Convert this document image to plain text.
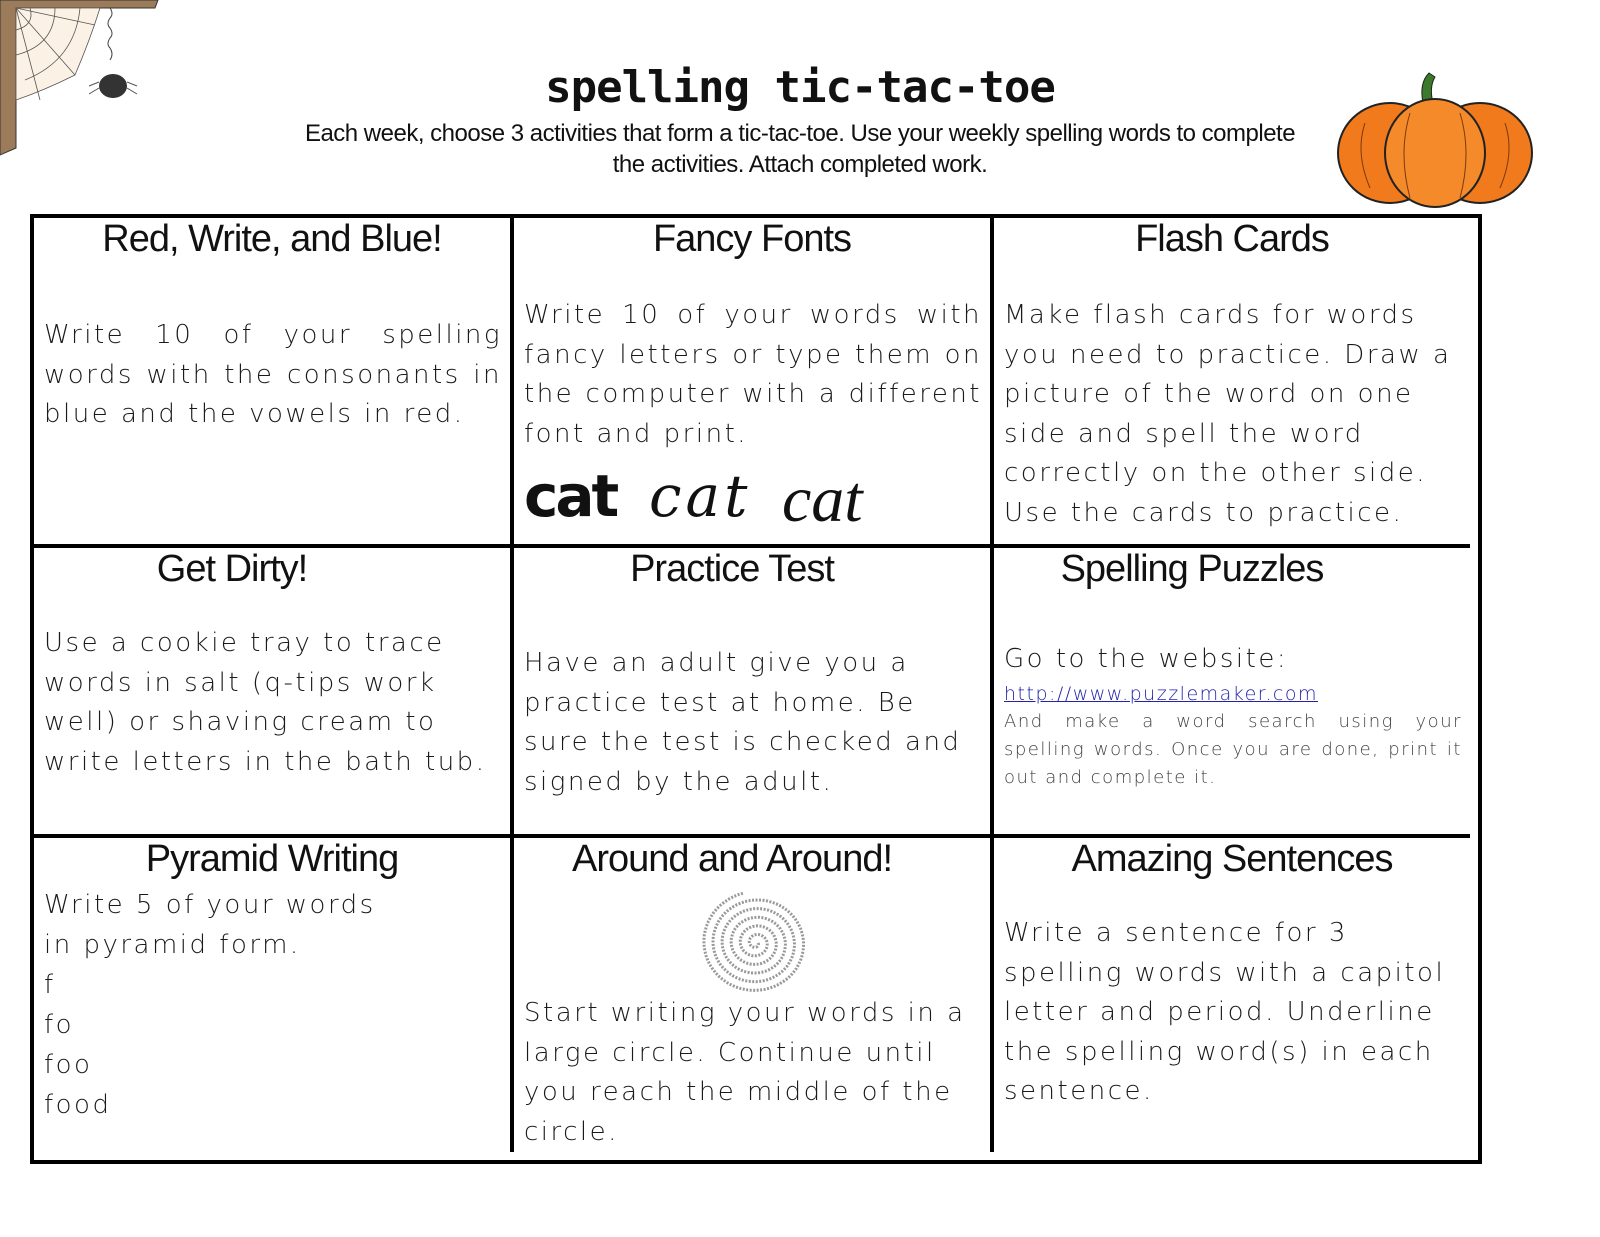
spelling tic-tac-toe
Each week, choose 3 activities that form a tic-tac-toe. Use your weekly spelling words to complete the activities. Attach completed work.
Red, Write, and Blue!
Write 10 of your spelling words with the consonants in blue and the vowels in red.
Fancy Fonts
Write 10 of your words with fancy letters or type them on the computer with a different font and print.
cat cat cat
Flash Cards
Make flash cards for words you need to practice. Draw a picture of the word on one side and spell the word correctly on the other side. Use the cards to practice.
Get Dirty!
Use a cookie tray to trace words in salt (q-tips work well) or shaving cream to write letters in the bath tub.
Practice Test
Have an adult give you a practice test at home. Be sure the test is checked and signed by the adult.
Spelling Puzzles
Go to the website:
http://www.puzzlemaker.com
And make a word search using your spelling words. Once you are done, print it out and complete it.
Pyramid Writing
Write 5 of your words in pyramid form.
f
fo
foo
food
Around and Around!
Start writing your words in a large circle. Continue until you reach the middle of the circle.
Amazing Sentences
Write a sentence for 3 spelling words with a capitol letter and period. Underline the spelling word(s) in each sentence.
